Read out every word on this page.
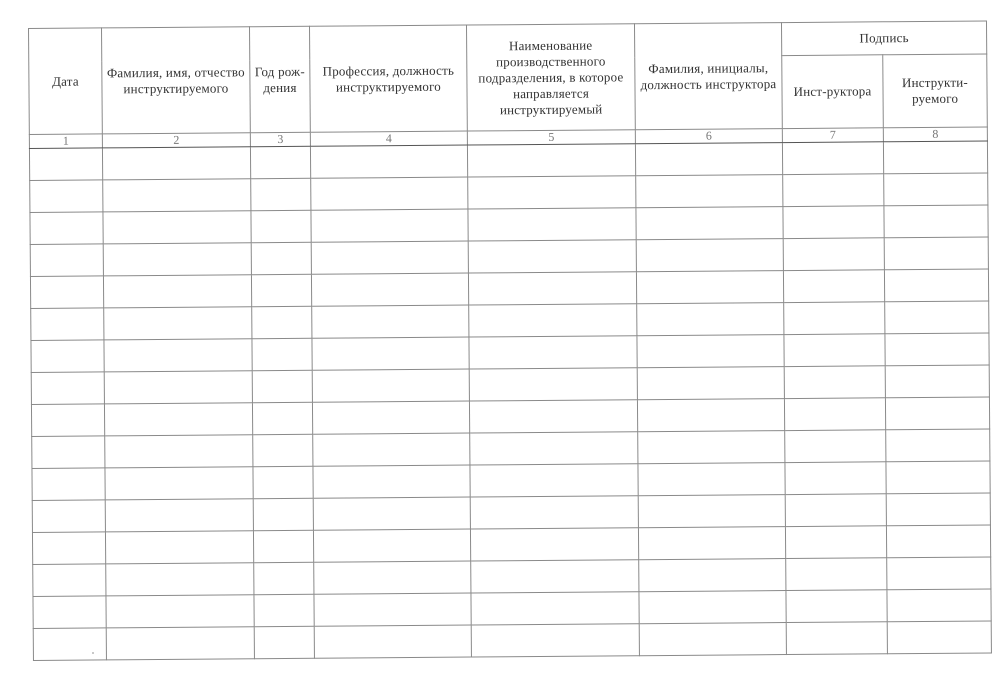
Дата	Фамилия, имя, отчество инструктируемого	Год рож-дения	Профессия, должность инструктируемого	Наименование производственного подразделения, в которое направляется инструктируемый	Фамилия, инициалы, должность инструктора	Подпись	
						Инст-руктора	Инструкти-руемого
1	2	3	4	5	6	7	8
